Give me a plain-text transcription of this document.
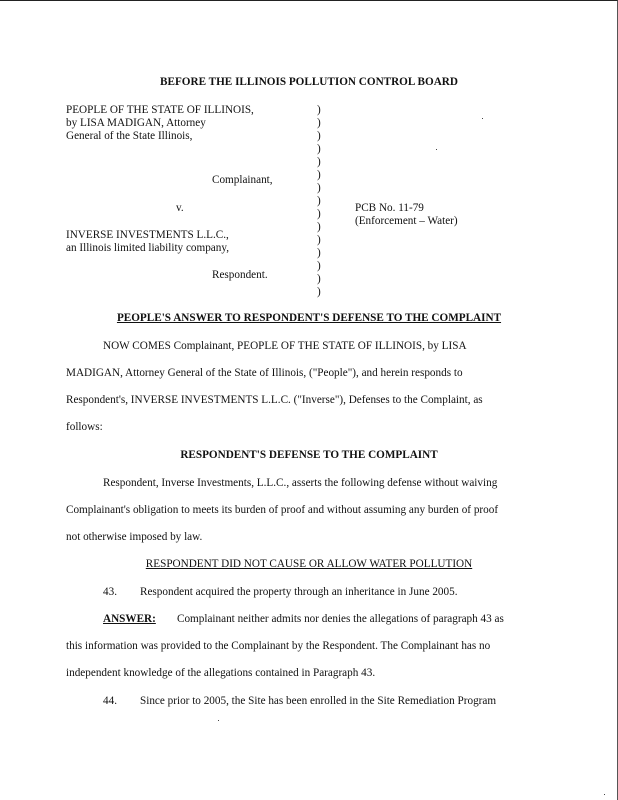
BEFORE THE ILLINOIS POLLUTION CONTROL BOARD
PEOPLE OF THE STATE OF ILLINOIS,
by LISA MADIGAN, Attorney
General of the State Illinois,
Complainant,
v.
INVERSE INVESTMENTS L.L.C.,
an Illinois limited liability company,
Respondent.
PCB No. 11-79
(Enforcement – Water)
)
)
)
)
)
)
)
)
)
)
)
)
)
)
)
PEOPLE'S ANSWER TO RESPONDENT'S DEFENSE TO THE COMPLAINT
NOW COMES Complainant, PEOPLE OF THE STATE OF ILLINOIS, by LISA
MADIGAN, Attorney General of the State of Illinois, ("People"), and herein responds to
Respondent's, INVERSE INVESTMENTS L.L.C. ("Inverse"), Defenses to the Complaint, as
follows:
RESPONDENT'S DEFENSE TO THE COMPLAINT
Respondent, Inverse Investments, L.L.C., asserts the following defense without waiving
Complainant's obligation to meets its burden of proof and without assuming any burden of proof
not otherwise imposed by law.
RESPONDENT DID NOT CAUSE OR ALLOW WATER POLLUTION
43. Respondent acquired the property through an inheritance in June 2005.
ANSWER: Complainant neither admits nor denies the allegations of paragraph 43 as
this information was provided to the Complainant by the Respondent. The Complainant has no
independent knowledge of the allegations contained in Paragraph 43.
44. Since prior to 2005, the Site has been enrolled in the Site Remediation Program
